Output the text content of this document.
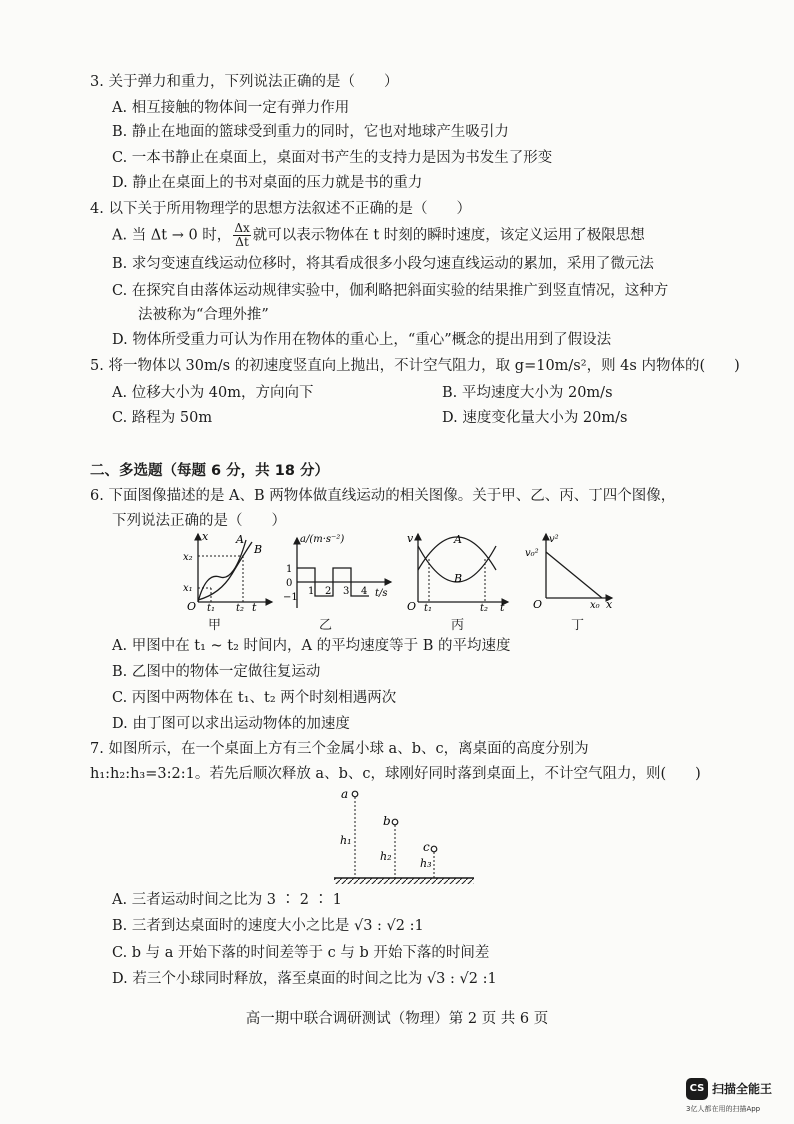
3. 关于弹力和重力，下列说法正确的是（　　）
A. 相互接触的物体间一定有弹力作用
B. 静止在地面的篮球受到重力的同时，它也对地球产生吸引力
C. 一本书静止在桌面上，桌面对书产生的支持力是因为书发生了形变
D. 静止在桌面上的书对桌面的压力就是书的重力
4. 以下关于所用物理学的思想方法叙述不正确的是（　　）
A. 当 Δt → 0 时， $\frac{\Delta x}{\Delta t}$ 就可以表示物体在 t 时刻的瞬时速度，该定义运用了极限思想
B. 求匀变速直线运动位移时，将其看成很多小段匀速直线运动的累加，采用了微元法
C. 在探究自由落体运动规律实验中，伽利略把斜面实验的结果推广到竖直情况，这种方
法被称为“合理外推”
D. 物体所受重力可认为作用在物体的重心上，“重心”概念的提出用到了假设法
5. 将一物体以 30m/s 的初速度竖直向上抛出，不计空气阻力，取 g=10m/s²，则 4s 内物体的(　　)
A. 位移大小为 40m，方向向下	B. 平均速度大小为 20m/s
C. 路程为 50m	D. 速度变化量大小为 20m/s
二、多选题（每题 6 分，共 18 分）
6. 下面图像描述的是 A、B 两物体做直线运动的相关图像。关于甲、乙、丙、丁四个图像，
下列说法正确的是（　　）
x
x₂
x₁
O t₁ t₂ t
A
B
甲
a/(m·s⁻²)
1
0
−1
1 2 3 4 t/s
乙
v	A
B
O t₁	t₂ t
丙
v²
v₀²
O	x₀ x
丁
A. 甲图中在 t₁ ~ t₂ 时间内，A 的平均速度等于 B 的平均速度
B. 乙图中的物体一定做往复运动
C. 丙图中两物体在 t₁、t₂ 两个时刻相遇两次
D. 由丁图可以求出运动物体的加速度
7. 如图所示，在一个桌面上方有三个金属小球 a、b、c，离桌面的高度分别为
h₁:h₂:h₃=3:2:1。若先后顺次释放 a、b、c，球刚好同时落到桌面上，不计空气阻力，则(　　)
a
b
c
h₁
h₂
h₃
A. 三者运动时间之比为 3 ∶ 2 ∶ 1
B. 三者到达桌面时的速度大小之比是 √3 : √2 :1
C. b 与 a 开始下落的时间差等于 c 与 b 开始下落的时间差
D. 若三个小球同时释放，落至桌面的时间之比为 √3 : √2 :1
高一期中联合调研测试（物理）第 2 页 共 6 页
CS 扫描全能王
3亿人都在用的扫描App
